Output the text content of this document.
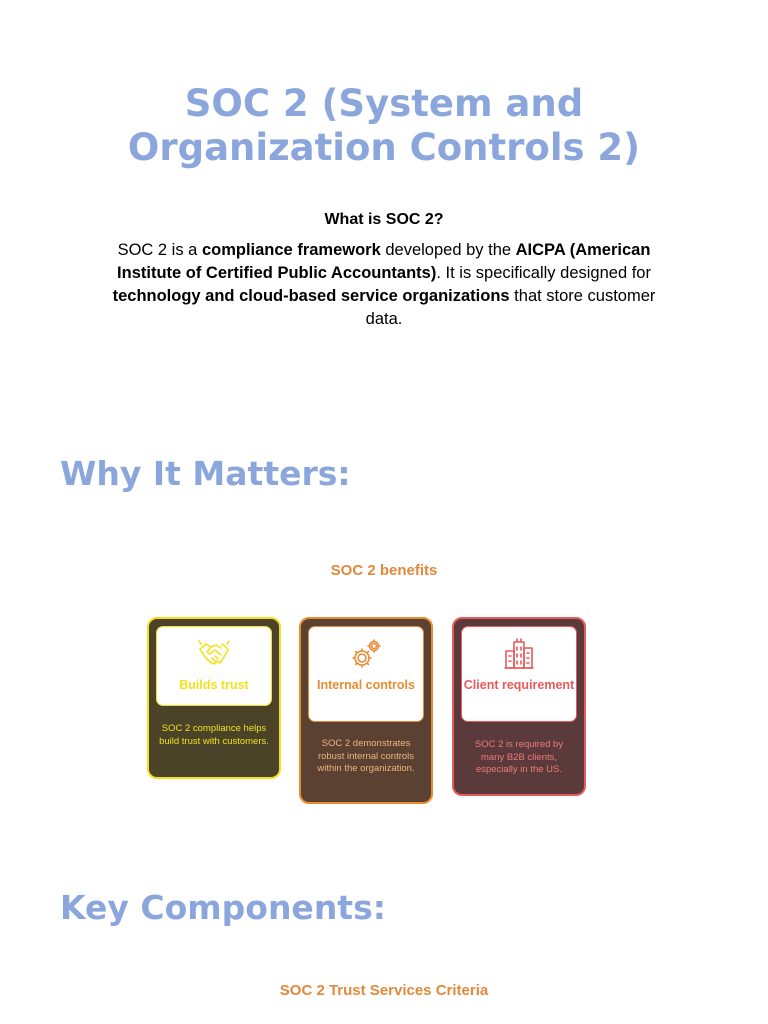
SOC 2 (System and
Organization Controls 2)
What is SOC 2?
SOC 2 is a compliance framework developed by the AICPA (American Institute of Certified Public Accountants). It is specifically designed for technology and cloud-based service organizations that store customer data.
Why It Matters:
SOC 2 benefits
Builds trust
SOC 2 compliance helps build trust with customers.
Internal controls
SOC 2 demonstrates robust internal controls within the organization.
Client requirement
SOC 2 is required by many B2B clients, especially in the US.
Key Components:
SOC 2 Trust Services Criteria
